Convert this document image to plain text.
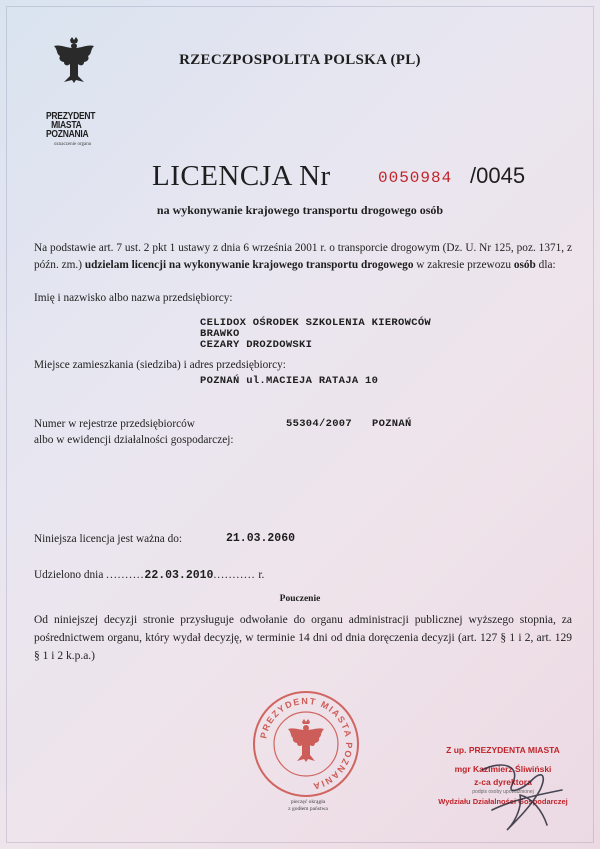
RZECZPOSPOLITA POLSKA (PL)
PREZYDENT
MIASTA
POZNANIA
oznaczenie organu
LICENCJA Nr	0050984 /0045
na wykonywanie krajowego transportu drogowego osób
Na podstawie art. 7 ust. 2 pkt 1 ustawy z dnia 6 września 2001 r. o transporcie drogowym (Dz. U. Nr 125, poz. 1371, z późn. zm.) udzielam licencji na wykonywanie krajowego transportu drogowego w zakresie przewozu osób dla:
Imię i nazwisko albo nazwa przedsiębiorcy:
CELIDOX OŚRODEK SZKOLENIA KIEROWCÓW
BRAWKO
CEZARY DROZDOWSKI
Miejsce zamieszkania (siedziba) i adres przedsiębiorcy:
POZNAŃ ul.MACIEJA RATAJA 10
Numer w rejestrze przedsiębiorców
albo w ewidencji działalności gospodarczej:
55304/2007 POZNAŃ
Niniejsza licencja jest ważna do:	21.03.2060
Udzielono dnia ..........22.03.2010........... r.
Pouczenie
Od niniejszej decyzji stronie przysługuje odwołanie do organu administracji publicznej wyższego stopnia, za pośrednictwem organu, który wydał decyzję, w terminie 14 dni od dnia doręczenia decyzji (art. 127 § 1 i 2, art. 129 § 1 i 2 k.p.a.)
PREZYDENT MIASTA POZNANIA
pieczęć okrągła
z godłem państwa
Z up. PREZYDENTA MIASTA
mgr Kazimierz Śliwiński
z-ca dyrektora
podpis osoby upoważnionej
Wydziału Działalności Gospodarczej
